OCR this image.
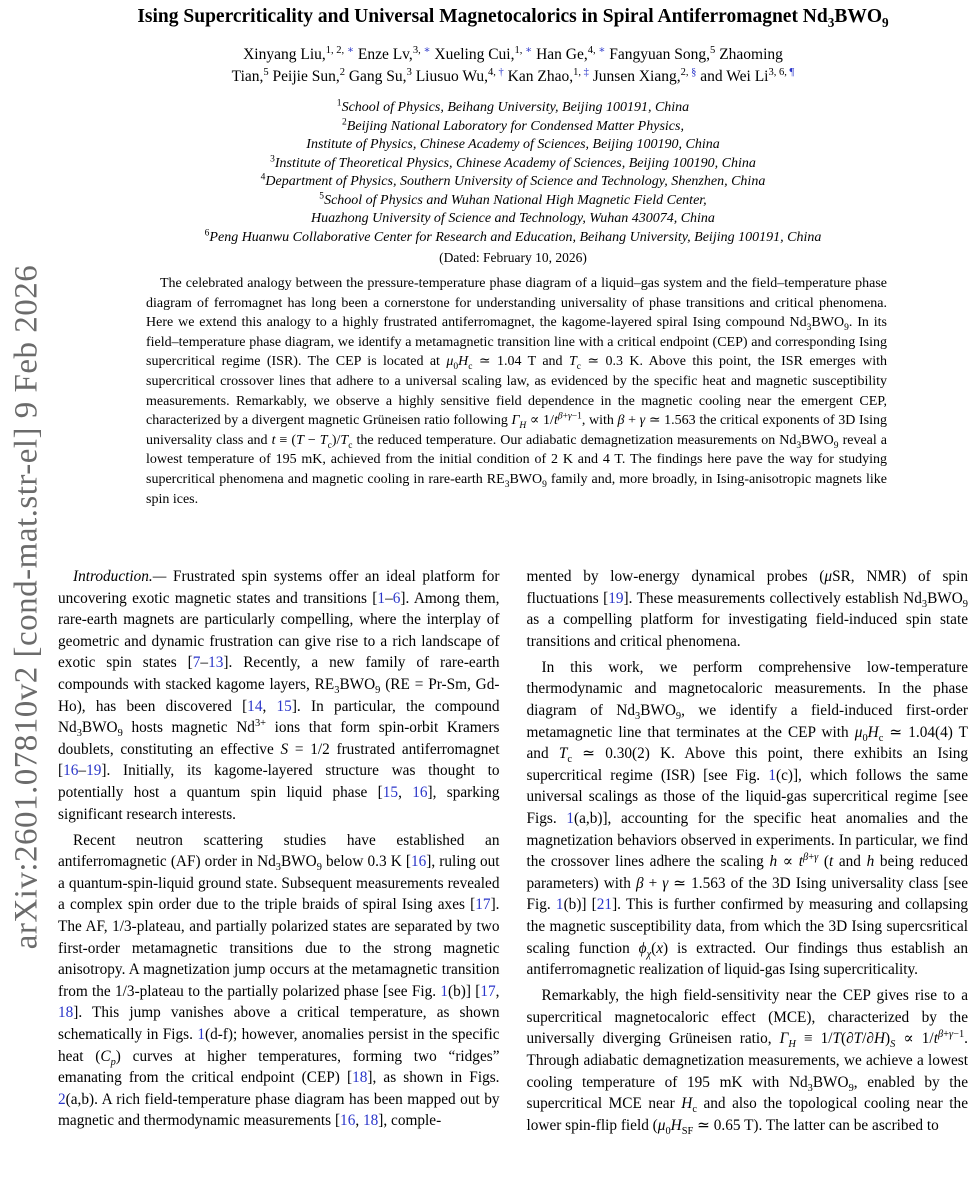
arXiv:2601.07810v2 [cond-mat.str-el] 9 Feb 2026
Ising Supercriticality and Universal Magnetocalorics in Spiral Antiferromagnet $Nd_3BWO_9$
Xinyang Liu,$^{1, 2, ∗}$ Enze Lv,$^{3, ∗}$ Xueling Cui,$^{1, ∗}$ Han Ge,$^{4, ∗}$ Fangyuan Song,$^5$ Zhaoming
Tian,$^5$ Peijie Sun,$^2$ Gang Su,$^3$ Liusuo Wu,$^{4, \dagger}$ Kan Zhao,$^{1, \ddagger}$ Junsen Xiang,$^{2, \S}$ and Wei $Li^{3, 6, \P}$
$^1$School of Physics, Beihang University, Beijing 100191, China
$^2$Beijing National Laboratory for Condensed Matter Physics,
Institute of Physics, Chinese Academy of Sciences, Beijing 100190, China
$^3$Institute of Theoretical Physics, Chinese Academy of Sciences, Beijing 100190, China
$^4$Department of Physics, Southern University of Science and Technology, Shenzhen, China
$^5$School of Physics and Wuhan National High Magnetic Field Center,
Huazhong University of Science and Technology, Wuhan 430074, China
$^6$Peng Huanwu Collaborative Center for Research and Education, Beihang University, Beijing 100191, China
(Dated: February 10, 2026)
The celebrated analogy between the pressure-temperature phase diagram of a liquid–gas system and the field–temperature phase diagram of ferromagnet has long been a cornerstone for understanding universality of phase transitions and critical phenomena. Here we extend this analogy to a highly frustrated antiferromagnet, the kagome-layered spiral Ising compound $Nd_3BWO_9$. In its field–temperature phase diagram, we identify a metamagnetic transition line with a critical endpoint (CEP) and corresponding Ising supercritical regime (ISR). The CEP is located at $\mu_0H_c$ ≃ 1.04 T and $T_c$ ≃ 0.3 K. Above this point, the ISR emerges with supercritical crossover lines that adhere to a universal scaling law, as evidenced by the specific heat and magnetic susceptibility measurements. Remarkably, we observe a highly sensitive field dependence in the magnetic cooling near the emergent CEP, characterized by a divergent magnetic Grüneisen ratio following $\Gamma_H \propto 1/t^{\beta+\gamma-1}$, with β + γ ≃ 1.563 the critical exponents of 3D Ising universality class and $t \equiv (T - T_c)/T_c$ the reduced temperature. Our adiabatic demagnetization measurements on $Nd_3BWO_9$ reveal a lowest temperature of 195 mK, achieved from the initial condition of 2 K and 4 T. The findings here pave the way for studying supercritical phenomena and magnetic cooling in rare-earth $RE_3BWO_9$ family and, more broadly, in Ising-anisotropic magnets like spin ices.

Introduction.— Frustrated spin systems offer an ideal platform for uncovering exotic magnetic states and transitions [1–6]. Among them, rare-earth magnets are particularly compelling, where the interplay of geometric and dynamic frustration can give rise to a rich landscape of exotic spin states [7–13]. Recently, a new family of rare-earth compounds with stacked kagome layers, $RE_3BWO_9$ (RE = Pr-Sm, Gd-Ho), has been discovered [14, 15]. In particular, the compound $Nd_3BWO_9$ hosts magnetic $Nd^{3+}$ ions that form spin-orbit Kramers doublets, constituting an effective S = 1/2 frustrated antiferromagnet [16–19]. Initially, its kagome-layered structure was thought to potentially host a quantum spin liquid phase [15, 16], sparking significant research interests.

Recent neutron scattering studies have established an antiferromagnetic (AF) order in $Nd_3BWO_9$ below 0.3 K [16], ruling out a quantum-spin-liquid ground state. Subsequent measurements revealed a complex spin order due to the triple braids of spiral Ising axes [17]. The AF, 1/3-plateau, and partially polarized states are separated by two first-order metamagnetic transitions due to the strong magnetic anisotropy. A magnetization jump occurs at the metamagnetic transition from the 1/3-plateau to the partially polarized phase [see Fig. 1(b)] [17, 18]. This jump vanishes above a critical temperature, as shown schematically in Figs. 1(d-f); however, anomalies persist in the specific heat $(C_p)$ curves at higher temperatures, forming two “ridges” emanating from the critical endpoint (CEP) [18], as shown in Figs. 2(a,b). A rich field-temperature phase diagram has been mapped out by magnetic and thermodynamic measurements [16, 18], comple-

mented by low-energy dynamical probes (μSR, NMR) of spin fluctuations [19]. These measurements collectively establish $Nd_3BWO_9$ as a compelling platform for investigating field-induced spin state transitions and critical phenomena.

In this work, we perform comprehensive low-temperature thermodynamic and magnetocaloric measurements. In the phase diagram of $Nd_3BWO_9$, we identify a field-induced first-order metamagnetic line that terminates at the CEP with $\mu_0H_c$ ≃ 1.04(4) T and $T_c$ ≃ 0.30(2) K. Above this point, there exhibits an Ising supercritical regime (ISR) [see Fig. 1(c)], which follows the same universal scalings as those of the liquid-gas supercritical regime [see Figs. 1(a,b)], accounting for the specific heat anomalies and the magnetization behaviors observed in experiments. In particular, we find the crossover lines adhere the scaling $h \propto t^{\beta+\gamma}$ (t and h being reduced parameters) with β + γ ≃ 1.563 of the 3D Ising universality class [see Fig. 1(b)] [21]. This is further confirmed by measuring and collapsing the magnetic susceptibility data, from which the 3D Ising supercsritical scaling function $\phi_\chi(x)$ is extracted. Our findings thus establish an antiferromagnetic realization of liquid-gas Ising supercriticality.

Remarkably, the high field-sensitivity near the CEP gives rise to a supercritical magnetocaloric effect (MCE), characterized by the universally diverging Grüneisen ratio, $\Gamma_H \equiv 1/T(\partial T/\partial H)_S \propto 1/t^{\beta+\gamma-1}$. Through adiabatic demagnetization measurements, we achieve a lowest cooling temperature of 195 mK with $Nd_3BWO_9$, enabled by the supercritical MCE near $H_c$ and also the topological cooling near the lower spin-flip field ($\mu_0H_{SF}$ ≃ 0.65 T). The latter can be ascribed to
